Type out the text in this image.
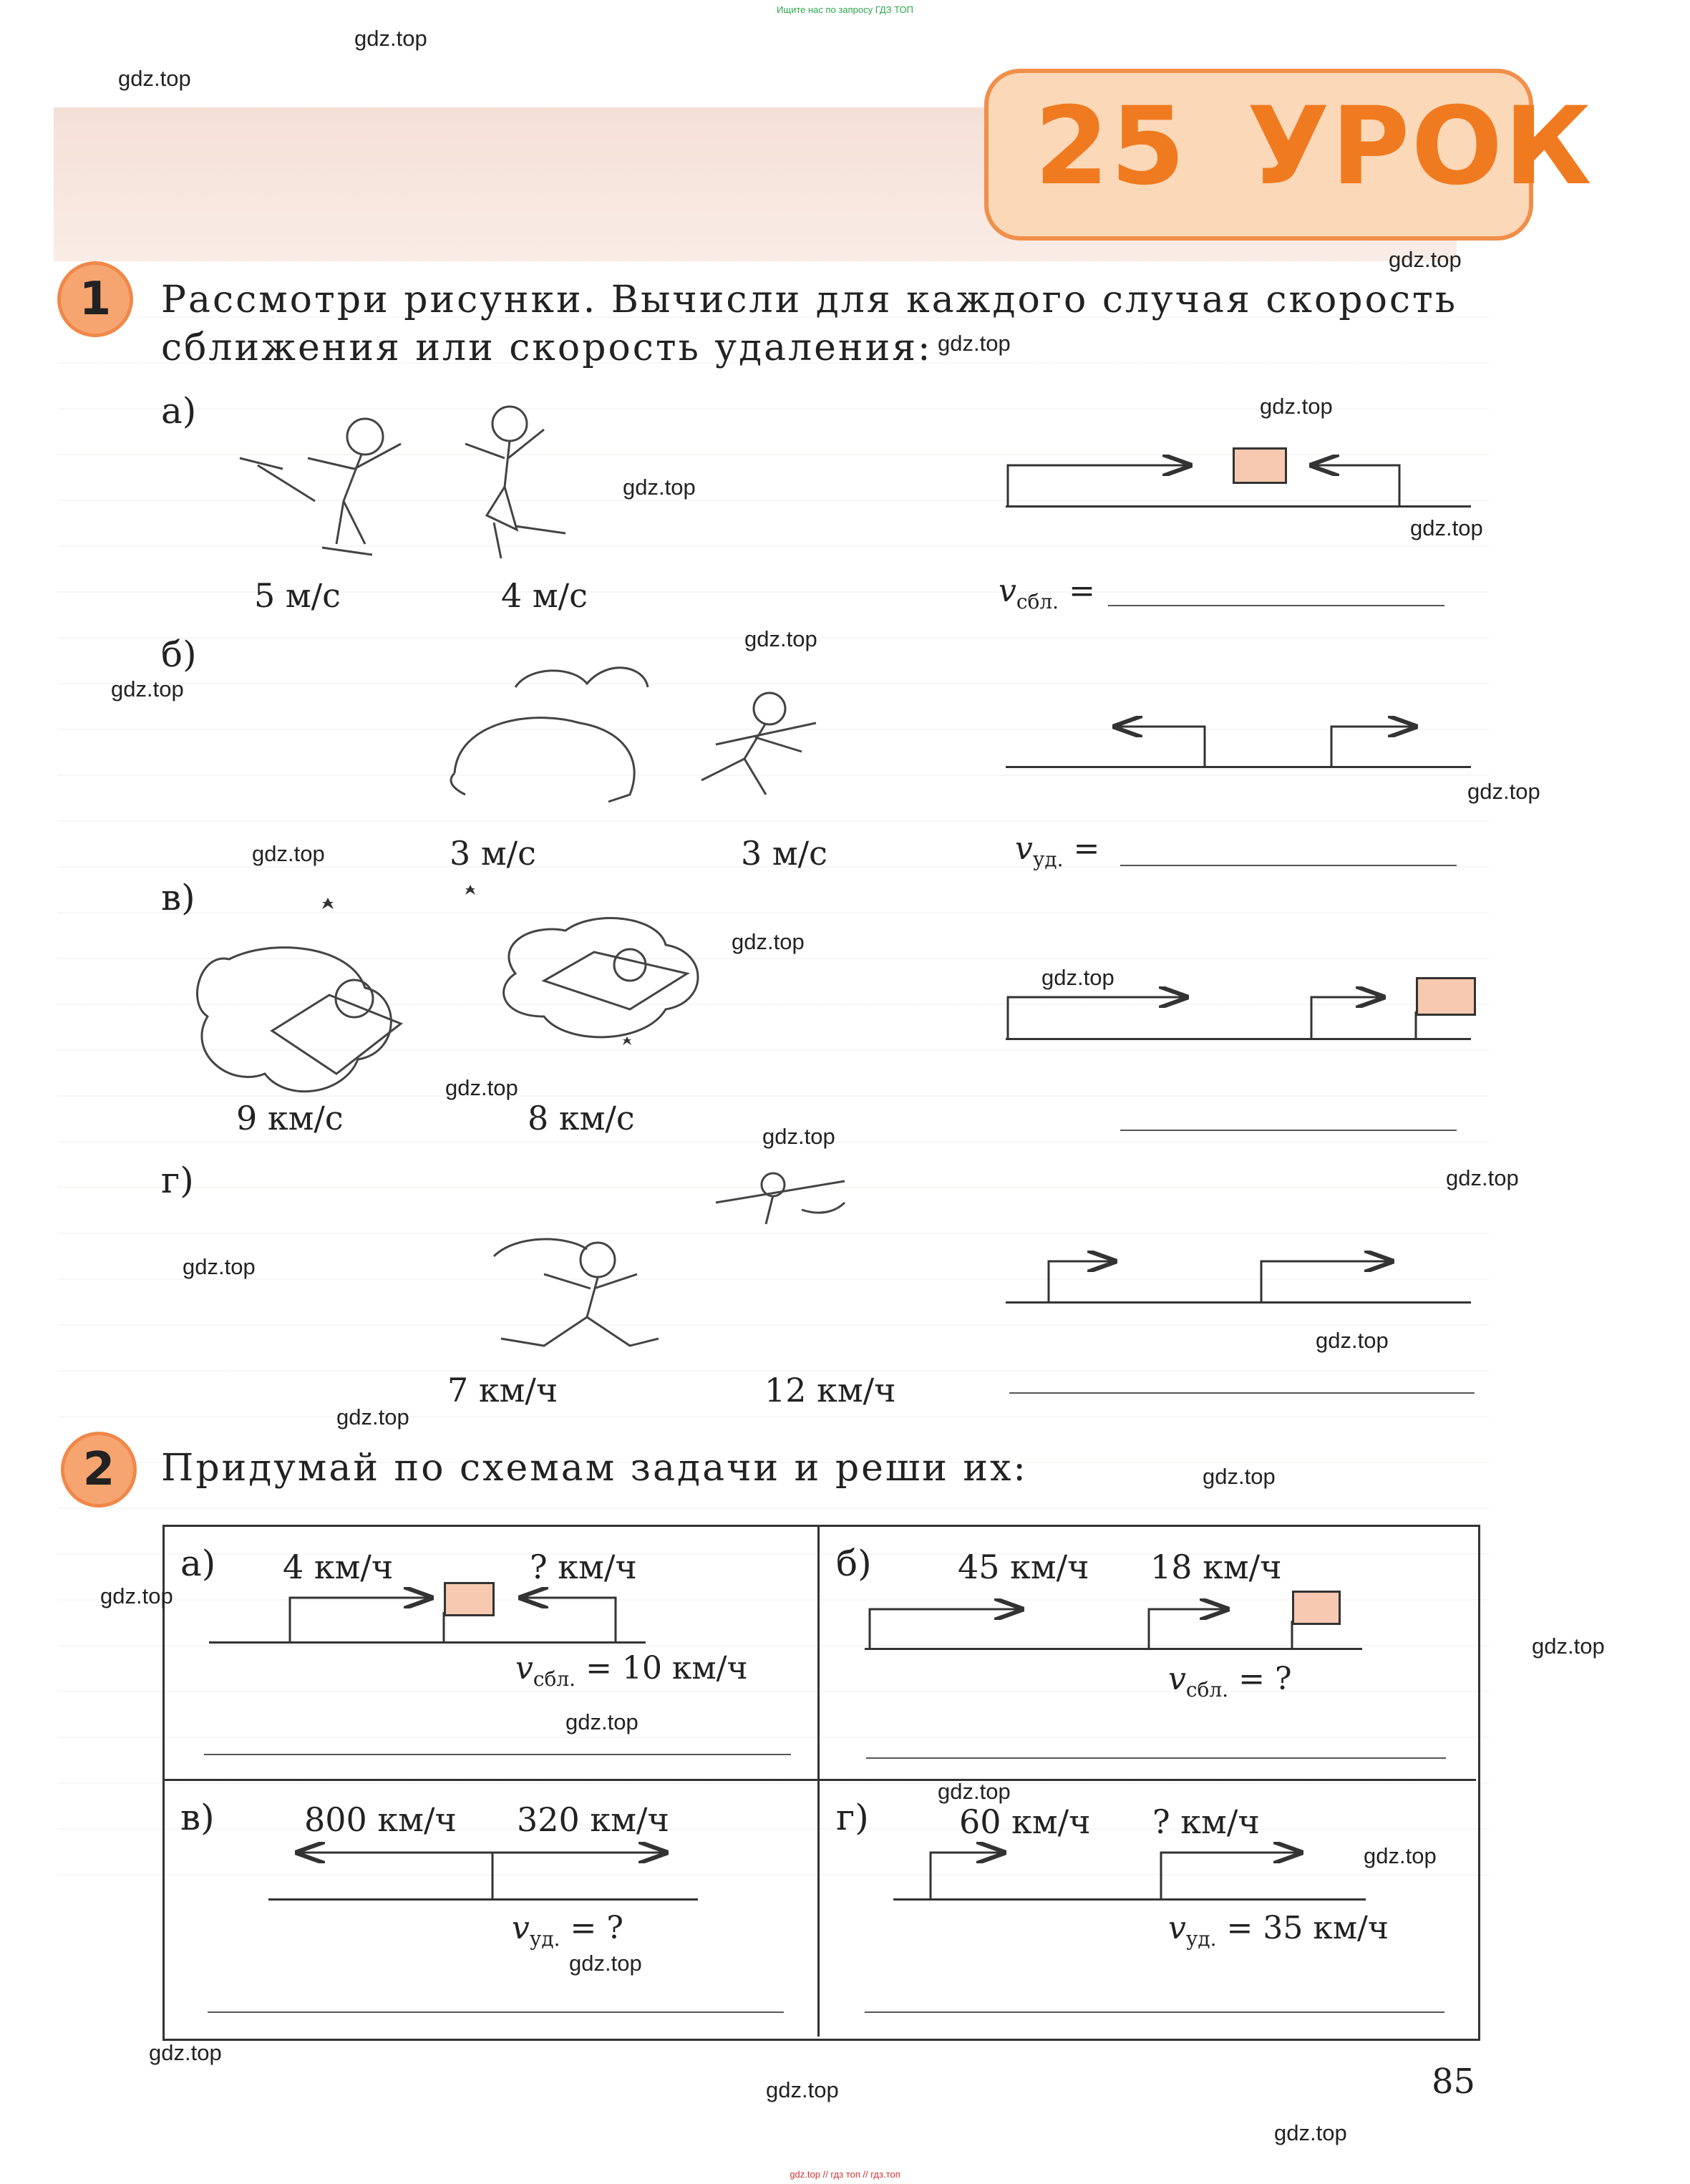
Ищите нас по запросу ГДЗ ТОП
25 УРОК
1	Рассмотри рисунки. Вычисли для каждого случая скорость
сближения или скорость удаления:
а)
5 м/с	4 м/с	$v_{сбл.}$ =
б)
3 м/с	3 м/с	$v_{уд.}$ =
в)
9 км/с	8 км/с
г)
7 км/ч	12 км/ч
2	Придумай по схемам задачи и реши их:
а) 4 км/ч	? км/ч
$v_{сбл.} = 10$ км/ч
б)	45 км/ч 18 км/ч
$v_{сбл.}$ = ?
в)	800 км/ч 320 км/ч
$v_{уд.}$ = ?
г)	60 км/ч ? км/ч
$v_{уд.} = 35$ км/ч
gdz.top
gdz.top
gdz.top
gdz.top
gdz.top
gdz.top
gdz.top
gdz.top
gdz.top
gdz.top
gdz.top
gdz.top
gdz.top
gdz.top
gdz.top
gdz.top
gdz.top
gdz.top
gdz.top
gdz.top
gdz.top
gdz.top
gdz.top
gdz.top
gdz.top
gdz.top
gdz.top
gdz.top
gdz.top
85
gdz.top // гдз топ // гдз.топ
